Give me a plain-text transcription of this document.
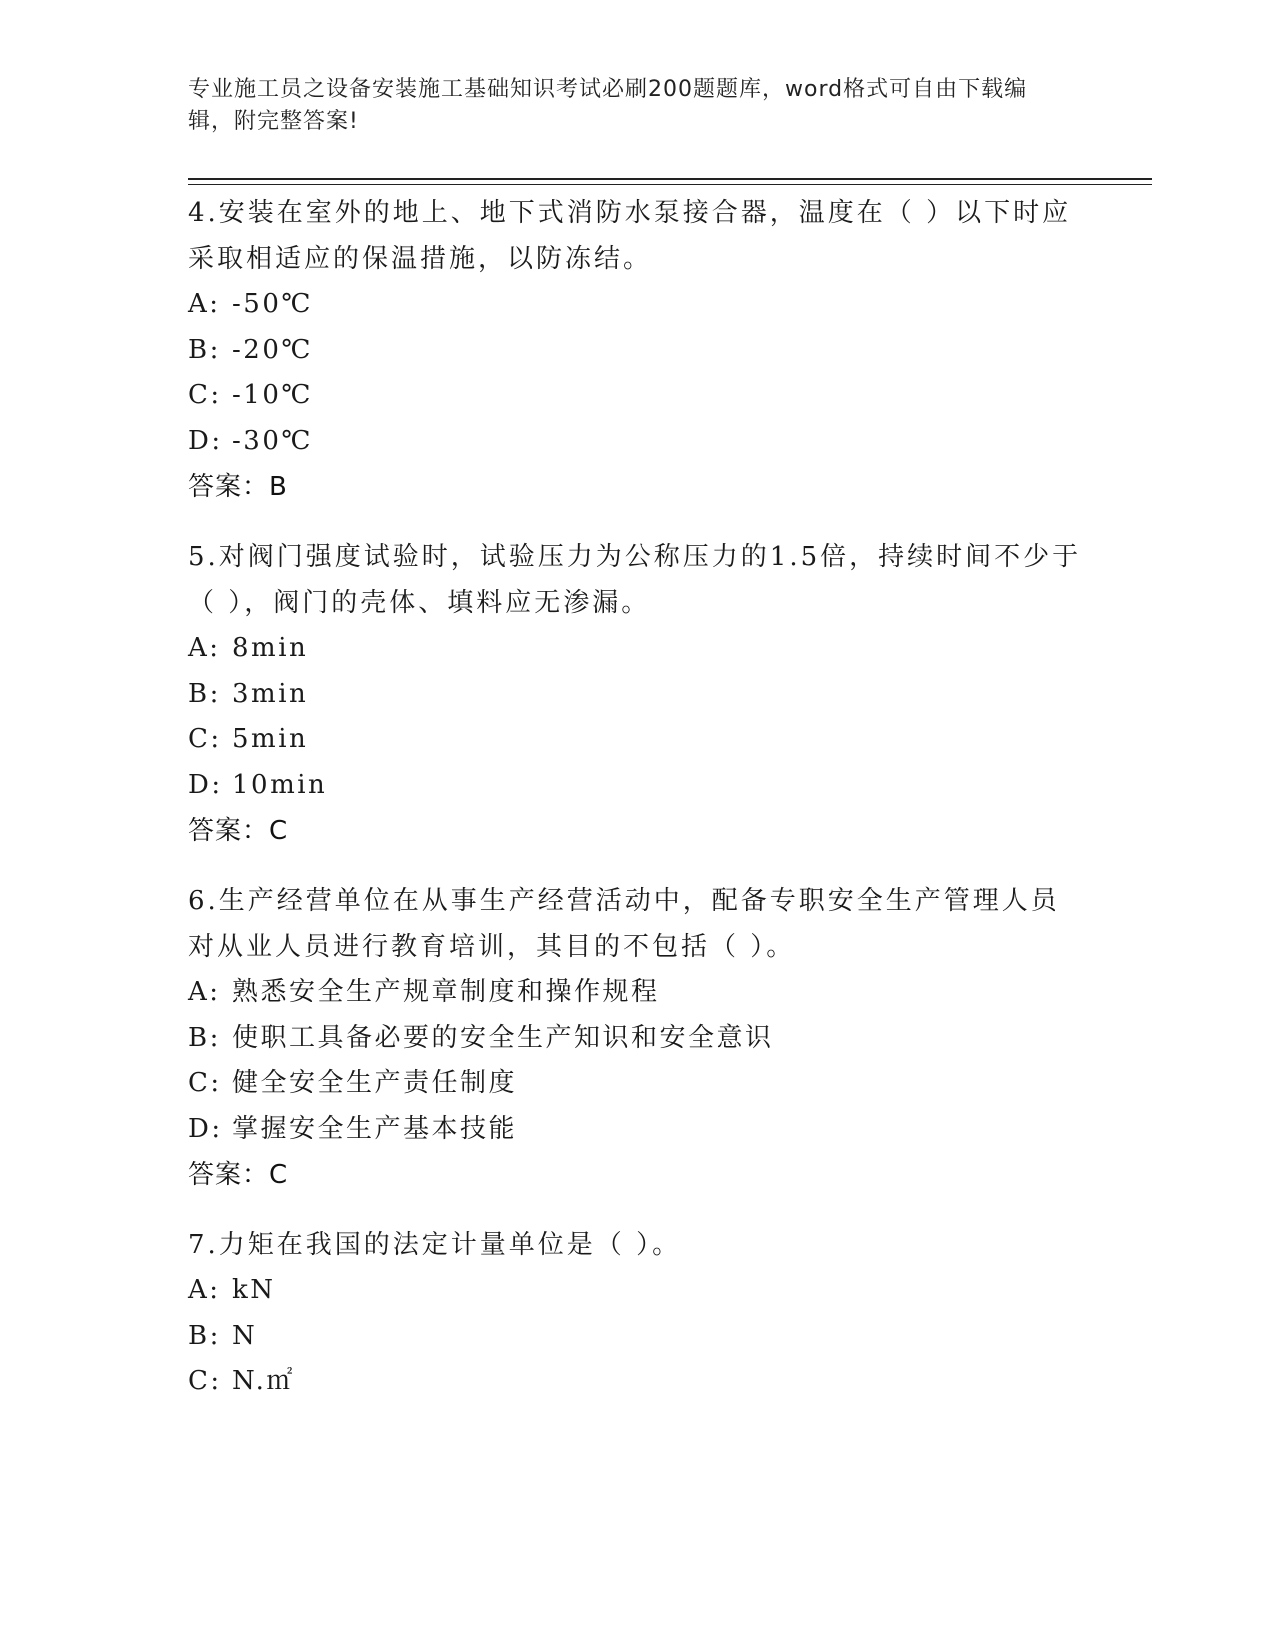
专业施工员之设备安装施工基础知识考试必刷200题题库，word格式可自由下载编辑，附完整答案!
4.安装在室外的地上、地下式消防水泵接合器，温度在（ ）以下时应采取相适应的保温措施，以防冻结。
A: -50℃
B: -20℃
C: -10℃
D: -30℃
答案：B
5.对阀门强度试验时，试验压力为公称压力的1.5倍，持续时间不少于（ ），阀门的壳体、填料应无渗漏。
A: 8min
B: 3min
C: 5min
D: 10min
答案：C
6.生产经营单位在从事生产经营活动中，配备专职安全生产管理人员对从业人员进行教育培训，其目的不包括（ ）。
A: 熟悉安全生产规章制度和操作规程
B: 使职工具备必要的安全生产知识和安全意识
C: 健全安全生产责任制度
D: 掌握安全生产基本技能
答案：C
7.力矩在我国的法定计量单位是（ ）。
A: kN
B: N
C: N.㎡
